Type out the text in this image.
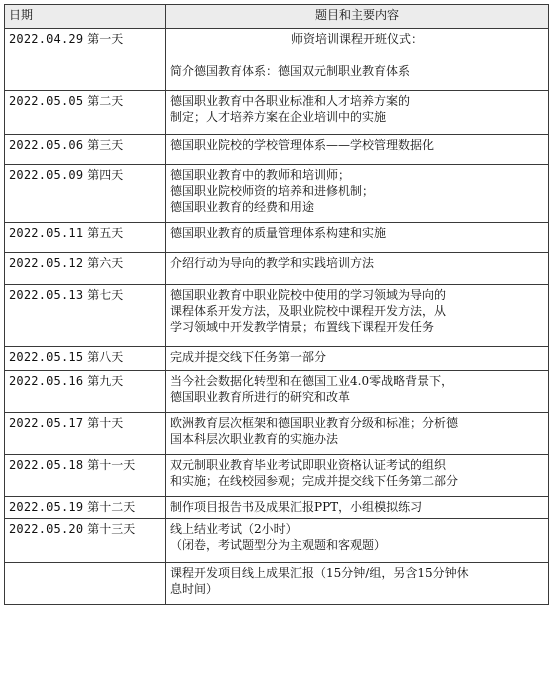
日期	题目和主要内容
2022.04.29 第一天	师资培训课程开班仪式：
简介德国教育体系：德国双元制职业教育体系

2022.05.05 第二天	德国职业教育中各职业标准和人才培养方案的
制定；人才培养方案在企业培训中的实施

2022.05.06 第三天	德国职业院校的学校管理体系——学校管理数据化

2022.05.09 第四天	德国职业教育中的教师和培训师；
德国职业院校师资的培养和进修机制；
德国职业教育的经费和用途

2022.05.11 第五天	德国职业教育的质量管理体系构建和实施

2022.05.12 第六天	介绍行动为导向的教学和实践培训方法

2022.05.13 第七天	德国职业教育中职业院校中使用的学习领域为导向的
课程体系开发方法，及职业院校中课程开发方法，从
学习领域中开发教学情景；布置线下课程开发任务

2022.05.15 第八天	完成并提交线下任务第一部分

2022.05.16 第九天	当今社会数据化转型和在德国工业4.0零战略背景下，
德国职业教育所进行的研究和改革

2022.05.17 第十天	欧洲教育层次框架和德国职业教育分级和标准；分析德
国本科层次职业教育的实施办法

2022.05.18 第十一天	双元制职业教育毕业考试即职业资格认证考试的组织
和实施；在线校园参观；完成并提交线下任务第二部分

2022.05.19 第十二天	制作项目报告书及成果汇报PPT，小组模拟练习

2022.05.20 第十三天	线上结业考试（2小时）
（闭卷，考试题型分为主观题和客观题）

	课程开发项目线上成果汇报（15分钟/组，另含15分钟休
息时间）
